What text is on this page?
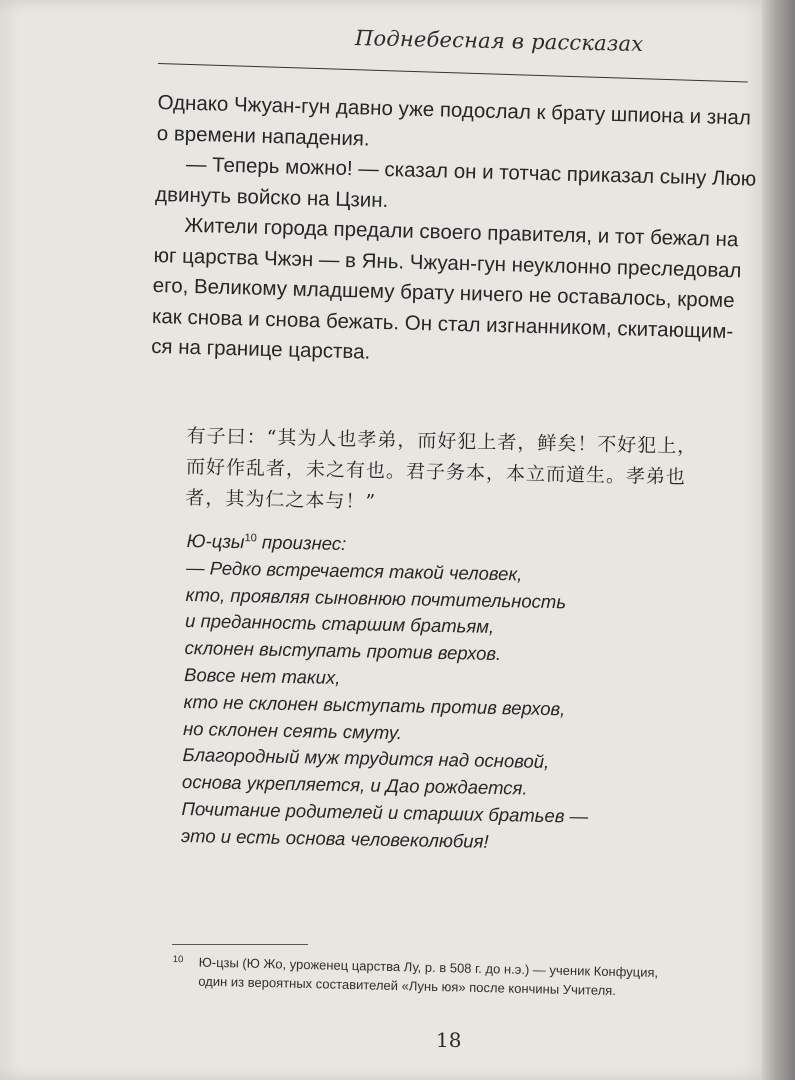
Поднебесная в рассказах
Однако Чжуан-гун давно уже подослал к брату шпиона и знал
о времени нападения.
— Теперь можно! — сказал он и тотчас приказал сыну Люю
двинуть войско на Цзин.
Жители города предали своего правителя, и тот бежал на
юг царства Чжэн — в Янь. Чжуан-гун неуклонно преследовал
его, Великому младшему брату ничего не оставалось, кроме
как снова и снова бежать. Он стал изгнанником, скитающим-
ся на границе царства.
有子曰：“其为人也孝弟，而好犯上者，鲜矣！不好犯上，
而好作乱者，未之有也。君子务本，本立而道生。孝弟也
者，其为仁之本与！”
Ю-цзы$^{10}$ произнес:
— Редко встречается такой человек,
кто, проявляя сыновнюю почтительность
и преданность старшим братьям,
склонен выступать против верхов.
Вовсе нет таких,
кто не склонен выступать против верхов,
но склонен сеять смуту.
Благородный муж трудится над основой,
основа укрепляется, и Дао рождается.
Почитание родителей и старших братьев —
это и есть основа человеколюбия!
10 Ю-цзы (Ю Жо, уроженец царства Лу, р. в 508 г. до н.э.) — ученик Конфуция,
один из вероятных составителей «Лунь юя» после кончины Учителя.
18
